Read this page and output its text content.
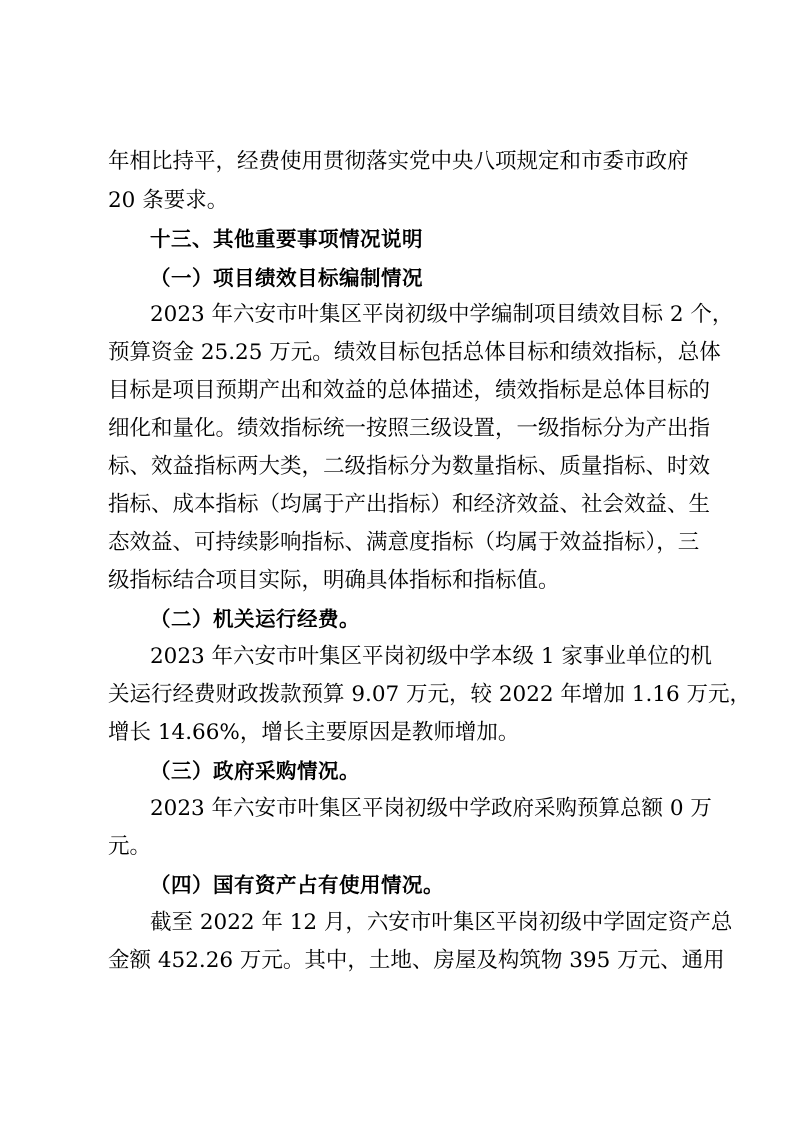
年相比持平，经费使用贯彻落实党中央八项规定和市委市政府
20 条要求。
十三、其他重要事项情况说明
（一）项目绩效目标编制情况
2023 年六安市叶集区平岗初级中学编制项目绩效目标 2 个，
预算资金 25.25 万元。绩效目标包括总体目标和绩效指标，总体
目标是项目预期产出和效益的总体描述，绩效指标是总体目标的
细化和量化。绩效指标统一按照三级设置，一级指标分为产出指
标、效益指标两大类，二级指标分为数量指标、质量指标、时效
指标、成本指标（均属于产出指标）和经济效益、社会效益、生
态效益、可持续影响指标、满意度指标（均属于效益指标），三
级指标结合项目实际，明确具体指标和指标值。
（二）机关运行经费。
2023 年六安市叶集区平岗初级中学本级 1 家事业单位的机
关运行经费财政拨款预算 9.07 万元，较 2022 年增加 1.16 万元，
增长 14.66%，增长主要原因是教师增加。
（三）政府采购情况。
2023 年六安市叶集区平岗初级中学政府采购预算总额 0 万
元。
（四）国有资产占有使用情况。
截至 2022 年 12 月，六安市叶集区平岗初级中学固定资产总
金额 452.26 万元。其中，土地、房屋及构筑物 395 万元、通用
